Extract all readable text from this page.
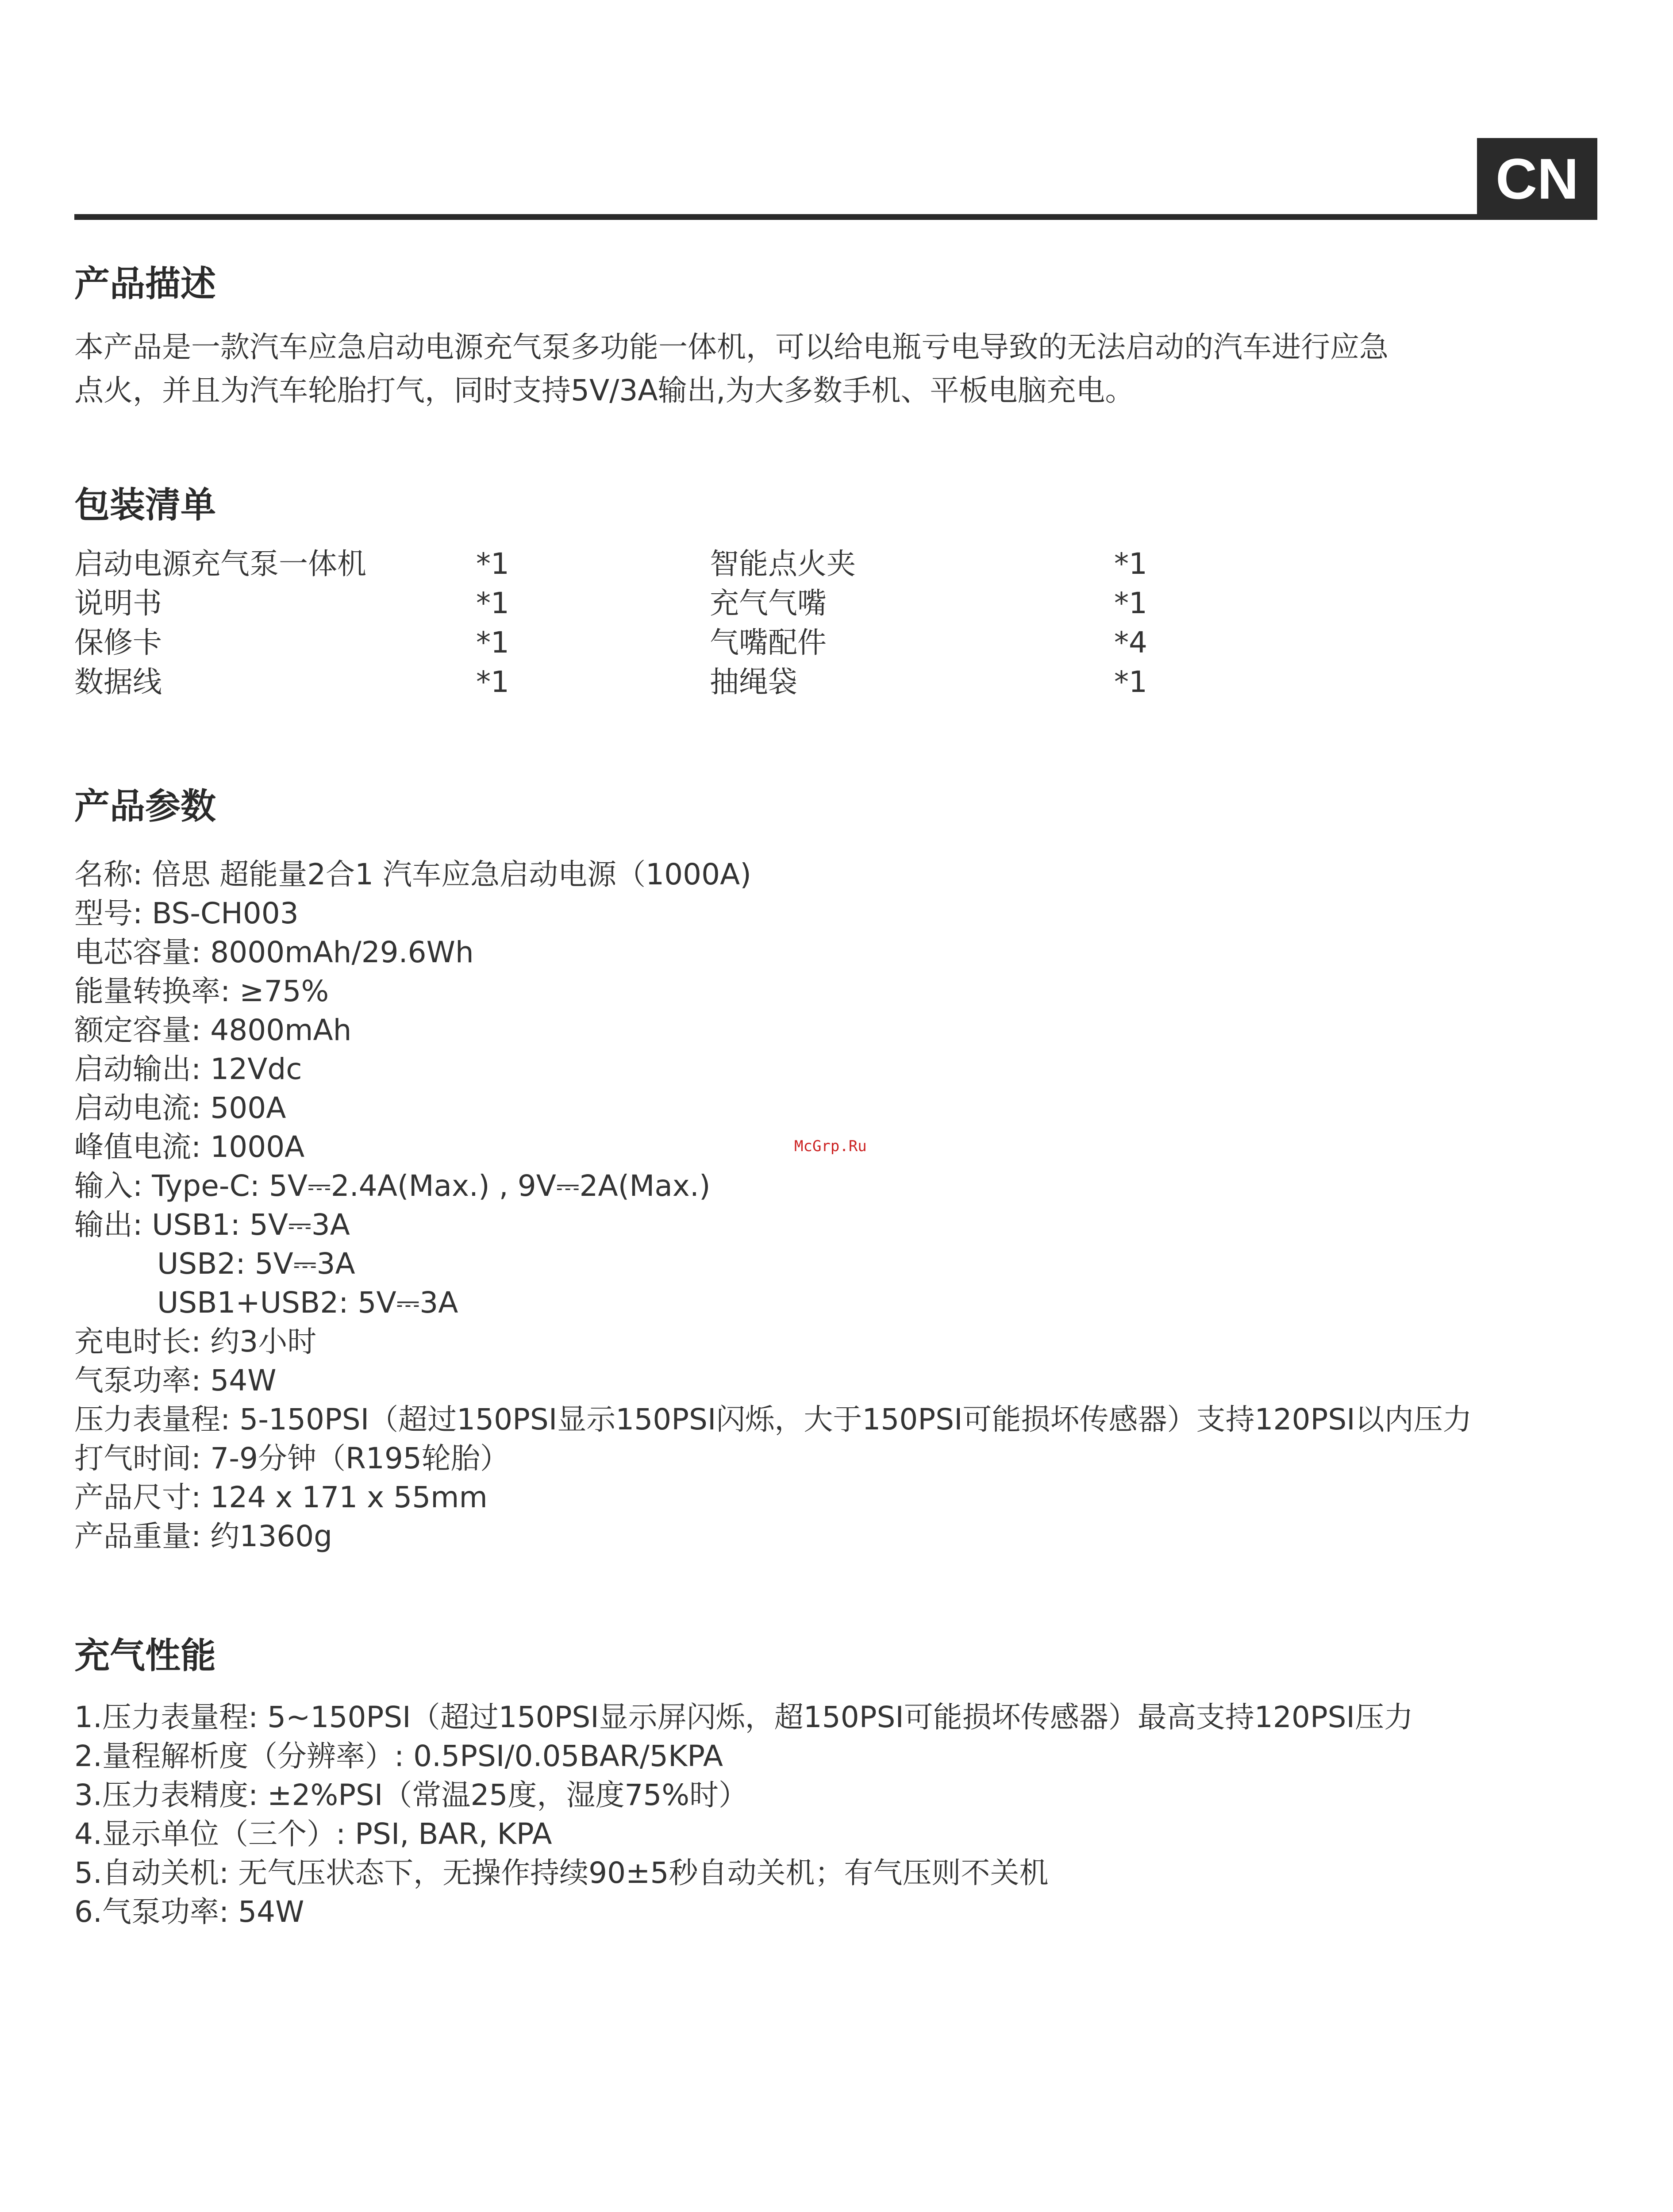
CN
产品描述
本产品是一款汽车应急启动电源充气泵多功能一体机，可以给电瓶亏电导致的无法启动的汽车进行应急
点火，并且为汽车轮胎打气，同时支持5V/3A输出,为大多数手机、平板电脑充电。
包装清单
启动电源充气泵一体机	*1	智能点火夹	*1
说明书	*1	充气气嘴	*1
保修卡	*1	气嘴配件	*4
数据线	*1	抽绳袋	*1
产品参数
名称: 倍思 超能量2合1 汽车应急启动电源（1000A)
型号: BS-CH003
电芯容量: 8000mAh/29.6Wh
能量转换率: ≥75%
额定容量: 4800mAh
启动输出: 12Vdc
启动电流: 500A
峰值电流: 1000A
输入: Type-C: 5V⎓2.4A(Max.) , 9V⎓2A(Max.)
输出: USB1: 5V⎓3A
USB2: 5V⎓3A
USB1+USB2: 5V⎓3A
充电时长: 约3小时
气泵功率: 54W
压力表量程: 5-150PSI（超过150PSI显示150PSI闪烁，大于150PSI可能损坏传感器）支持120PSI以内压力
打气时间: 7-9分钟（R195轮胎）
产品尺寸: 124 x 171 x 55mm
产品重量: 约1360g
充气性能
1.压力表量程: 5~150PSI（超过150PSI显示屏闪烁，超150PSI可能损坏传感器）最高支持120PSI压力
2.量程解析度（分辨率）: 0.5PSI/0.05BAR/5KPA
3.压力表精度: ±2%PSI（常温25度，湿度75%时）
4.显示单位（三个）: PSI, BAR, KPA
5.自动关机: 无气压状态下，无操作持续90±5秒自动关机；有气压则不关机
6.气泵功率: 54W
McGrp.Ru
